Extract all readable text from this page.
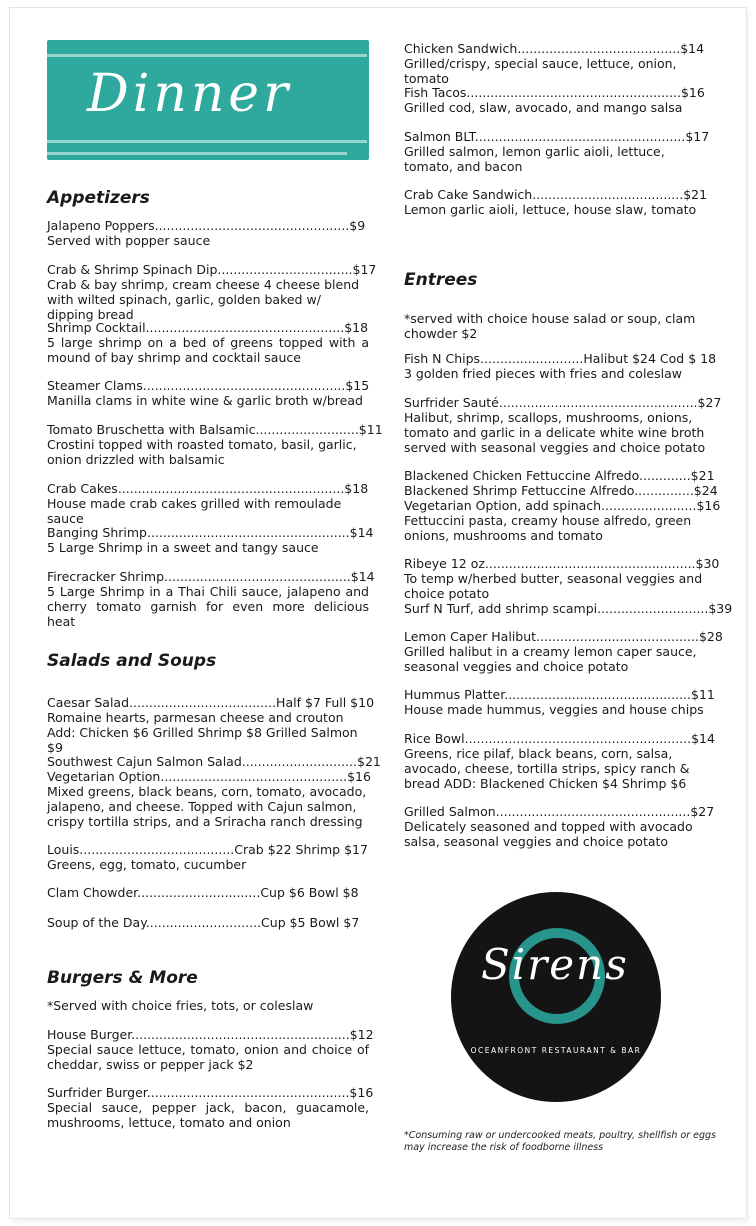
Dinner
Appetizers
Jalapeno Poppers.................................................$9
Served with popper sauce
Crab & Shrimp Spinach Dip..................................$17
Crab & bay shrimp, cream cheese 4 cheese blend with wilted spinach, garlic, golden baked w/ dipping bread
Shrimp Cocktail..................................................$18
5 large shrimp on a bed of greens topped with a mound of bay shrimp and cocktail sauce
Steamer Clams...................................................$15
Manilla clams in white wine & garlic broth w/bread
Tomato Bruschetta with Balsamic..........................$11
Crostini topped with roasted tomato, basil, garlic, onion drizzled with balsamic
Crab Cakes.........................................................$18
House made crab cakes grilled with remoulade sauce
Banging Shrimp...................................................$14
5 Large Shrimp in a sweet and tangy sauce
Firecracker Shrimp...............................................$14
5 Large Shrimp in a Thai Chili sauce, jalapeno and cherry tomato garnish for even more delicious heat
Salads and Soups
Caesar Salad.....................................Half $7 Full $10
Romaine hearts, parmesan cheese and crouton
Add: Chicken $6 Grilled Shrimp $8 Grilled Salmon $9
Southwest Cajun Salmon Salad.............................$21
Vegetarian Option...............................................$16
Mixed greens, black beans, corn, tomato, avocado, jalapeno, and cheese. Topped with Cajun salmon, crispy tortilla strips, and a Sriracha ranch dressing
Louis.......................................Crab $22 Shrimp $17
Greens, egg, tomato, cucumber
Clam Chowder...............................Cup $6 Bowl $8
Soup of the Day.............................Cup $5 Bowl $7
Burgers & More
*Served with choice fries, tots, or coleslaw
House Burger.......................................................$12
Special sauce lettuce, tomato, onion and choice of cheddar, swiss or pepper jack $2
Surfrider Burger...................................................$16
Special sauce, pepper jack, bacon, guacamole, mushrooms, lettuce, tomato and onion
Chicken Sandwich.........................................$14
Grilled/crispy, special sauce, lettuce, onion, tomato
Fish Tacos......................................................$16
Grilled cod, slaw, avocado, and mango salsa
Salmon BLT.....................................................$17
Grilled salmon, lemon garlic aioli, lettuce, tomato, and bacon
Crab Cake Sandwich......................................$21
Lemon garlic aioli, lettuce, house slaw, tomato
Entrees
*served with choice house salad or soup, clam chowder $2
Fish N Chips..........................Halibut $24 Cod $ 18
3 golden fried pieces with fries and coleslaw
Surfrider Sauté..................................................$27
Halibut, shrimp, scallops, mushrooms, onions, tomato and garlic in a delicate white wine broth served with seasonal veggies and choice potato
Blackened Chicken Fettuccine Alfredo.............$21
Blackened Shrimp Fettuccine Alfredo...............$24
Vegetarian Option, add spinach........................$16
Fettuccini pasta, creamy house alfredo, green onions, mushrooms and tomato
Ribeye 12 oz.....................................................$30
To temp w/herbed butter, seasonal veggies and choice potato
Surf N Turf, add shrimp scampi............................$39
Lemon Caper Halibut.........................................$28
Grilled halibut in a creamy lemon caper sauce, seasonal veggies and choice potato
Hummus Platter...............................................$11
House made hummus, veggies and house chips
Rice Bowl.........................................................$14
Greens, rice pilaf, black beans, corn, salsa, avocado, cheese, tortilla strips, spicy ranch & bread ADD: Blackened Chicken $4 Shrimp $6
Grilled Salmon.................................................$27
Delicately seasoned and topped with avocado salsa, seasonal veggies and choice potato
Sirens
OCEANFRONT RESTAURANT & BAR
*Consuming raw or undercooked meats, poultry, shellfish or eggs may increase the risk of foodborne illness
